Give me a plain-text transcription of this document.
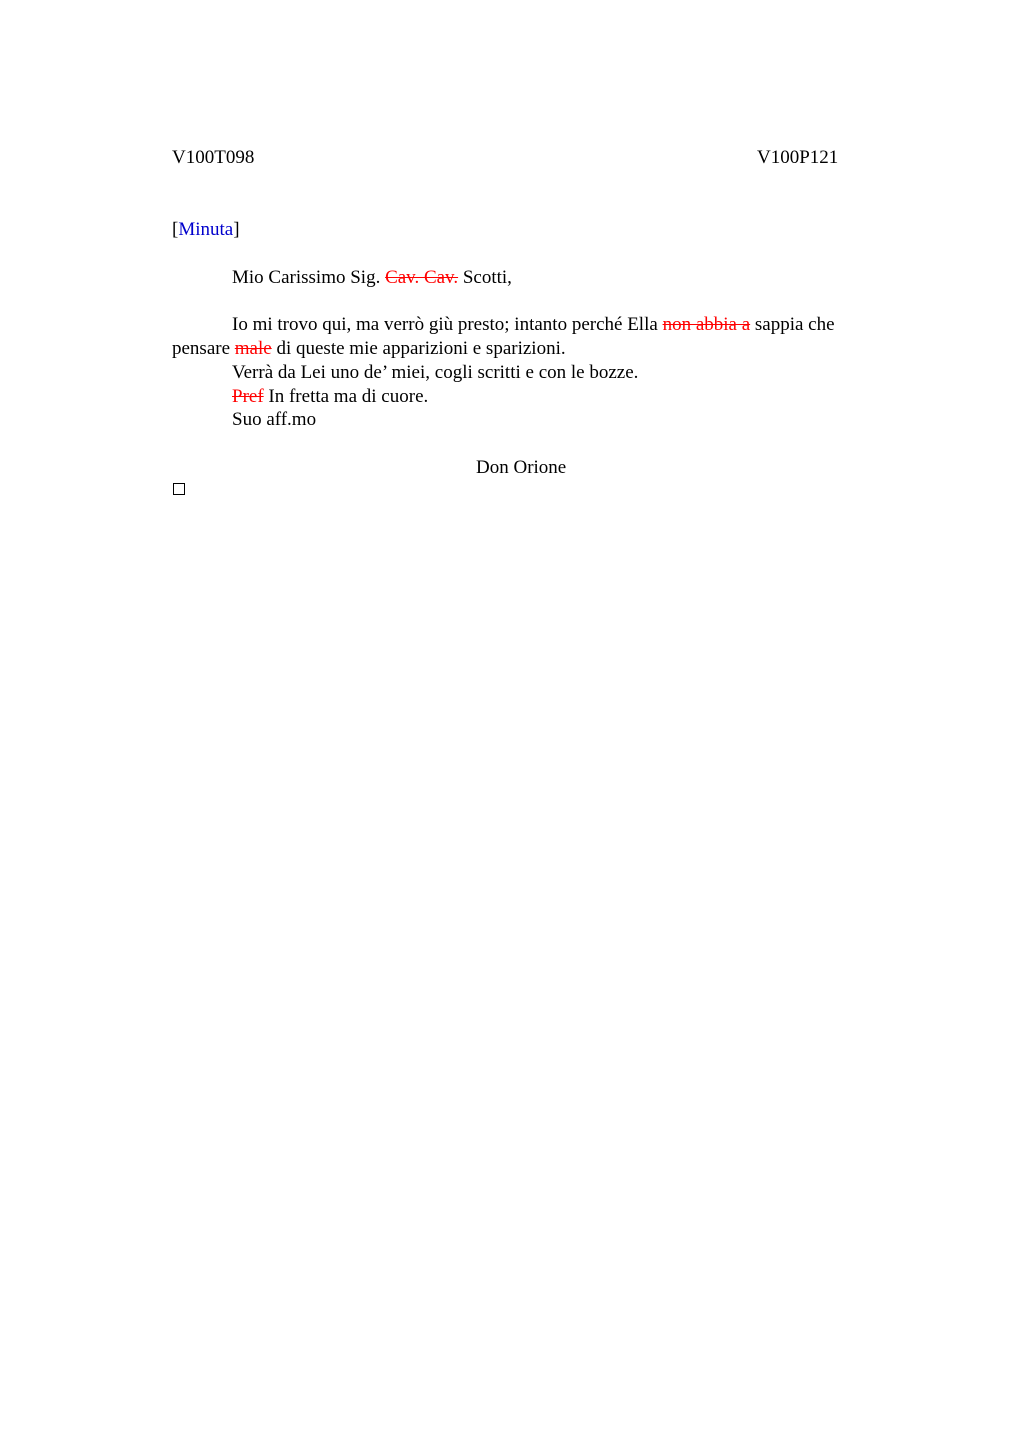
V100T098	V100P121
[Minuta]
Mio Carissimo Sig. Cav. Cav. Scotti,
Io mi trovo qui, ma verrò giù presto; intanto perché Ella non abbia a sappia che
pensare male di queste mie apparizioni e sparizioni.
Verrà da Lei uno de’ miei, cogli scritti e con le bozze.
Pref In fretta ma di cuore.
Suo aff.mo
Don Orione
